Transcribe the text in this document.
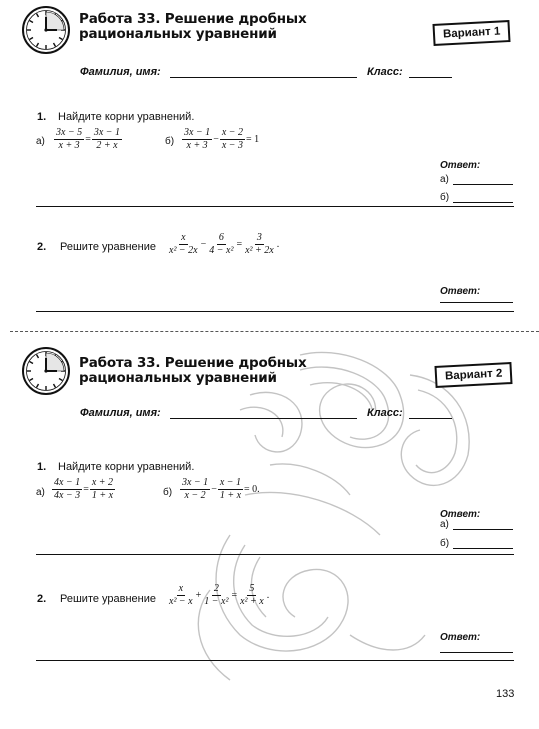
Работа 33. Решение дробных
рациональных уравнений	Вариант 1
Фамилия, имя:	Класс:
1. Найдите корни уравнений.
$а) \frac{3x - 5}{x + 3} = \frac{3x - 1}{2 + x}$	$б) \frac{3x - 1}{x + 3} - \frac{x - 2}{x - 3} = 1$
Ответ:
а)
б)
2. Решите уравнение $\frac{x}{\text{x² − 2x}} - \frac{6}{\text{4 − x²}} = \frac{3}{\text{x² + 2x}}$ .
Ответ:
Работа 33. Решение дробных
рациональных уравнений	Вариант 2
Фамилия, имя:	Класс:
1. Найдите корни уравнений.
$а) \frac{4x - 1}{4x - 3} = \frac{x + 2}{1 + x}$	$б) \frac{3x - 1}{x - 2} - \frac{x - 1}{1 + x} = 0$.
Ответ:
а)
б)
2. Решите уравнение $\frac{x}{\text{x² − x}} + \frac{2}{\text{1 − x²}} = \frac{5}{\text{x² + x}}$ .
Ответ:
133
